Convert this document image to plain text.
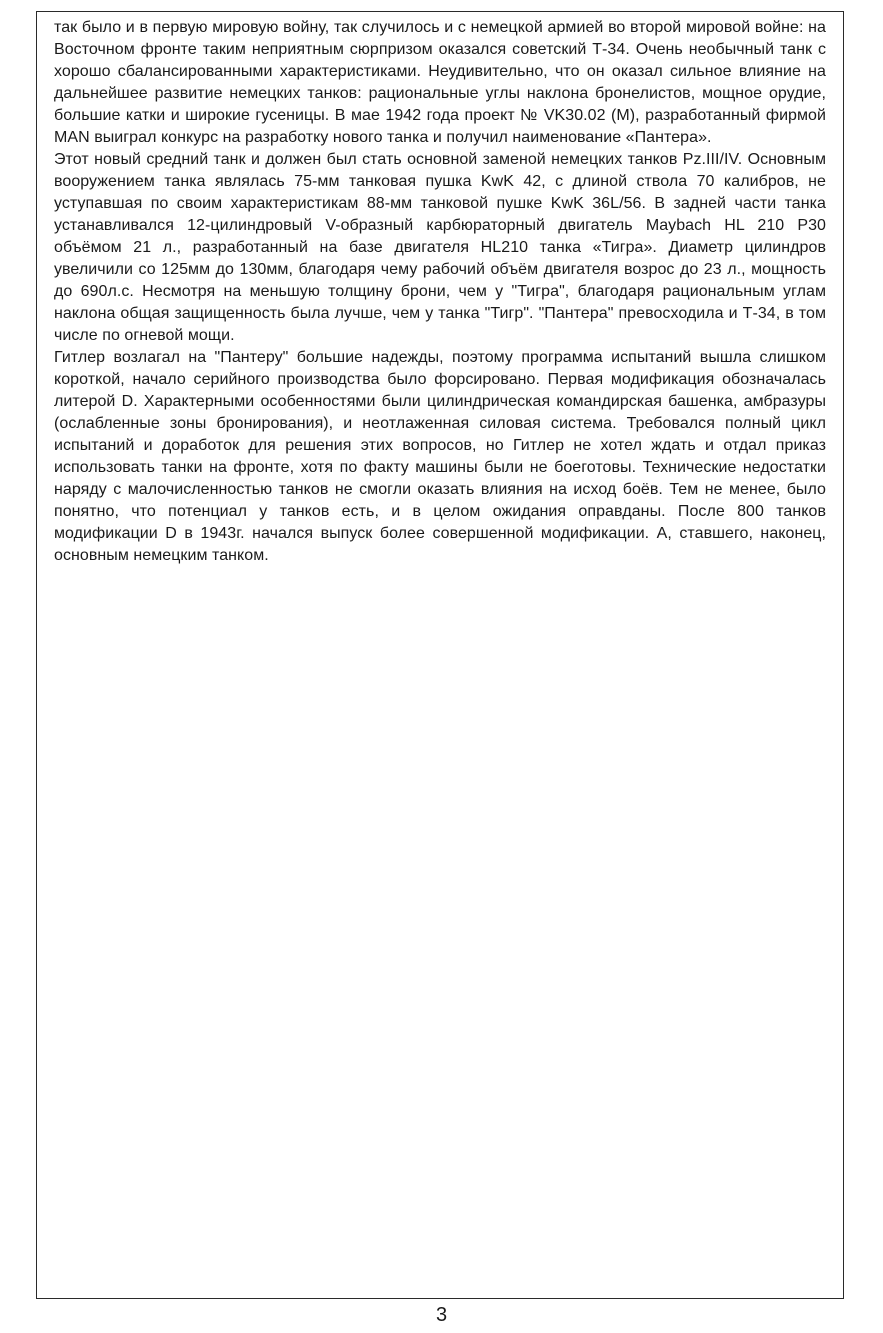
так было и в первую мировую войну, так случилось и с немецкой армией во второй мировой войне: на Восточном фронте таким неприятным сюрпризом оказался советский Т-34. Очень необычный танк с хорошо сбалансированными характеристиками. Неудивительно, что он оказал сильное влияние на дальнейшее развитие немецких танков: рациональные углы наклона бронелистов, мощное орудие, большие катки и широкие гусеницы. В мае 1942 года проект № VK30.02 (M), разработанный фирмой MAN выиграл конкурс на разработку нового танка и получил наименование «Пантера».

Этот новый средний танк и должен был стать основной заменой немецких танков Pz.III/IV. Основным вооружением танка являлась 75-мм танковая пушка KwK 42, с длиной ствола 70 калибров, не уступавшая по своим характеристикам 88-мм танковой пушке KwK 36L/56. В задней части танка устанавливался 12-цилиндровый V-образный карбюраторный двигатель Maybach HL 210 P30 объёмом 21 л., разработанный на базе двигателя HL210 танка «Тигра». Диаметр цилиндров увеличили со 125мм до 130мм, благодаря чему рабочий объём двигателя возрос до 23 л., мощность до 690л.с. Несмотря на меньшую толщину брони, чем у "Тигра", благодаря рациональным углам наклона общая защищенность была лучше, чем у танка "Тигр". "Пантера" превосходила и Т-34, в том числе по огневой мощи.

Гитлер возлагал на "Пантеру" большие надежды, поэтому программа испытаний вышла слишком короткой, начало серийного производства было форсировано. Первая модификация обозначалась литерой D. Характерными особенностями были цилиндрическая командирская башенка, амбразуры (ослабленные зоны бронирования), и неотлаженная силовая система. Требовался полный цикл испытаний и доработок для решения этих вопросов, но Гитлер не хотел ждать и отдал приказ использовать танки на фронте, хотя по факту машины были не боеготовы. Технические недостатки наряду с малочисленностью танков не смогли оказать влияния на исход боёв. Тем не менее, было понятно, что потенциал у танков есть, и в целом ожидания оправданы. После 800 танков модификации D в 1943г. начался выпуск более совершенной модификации. А, ставшего, наконец, основным немецким танком.

3
